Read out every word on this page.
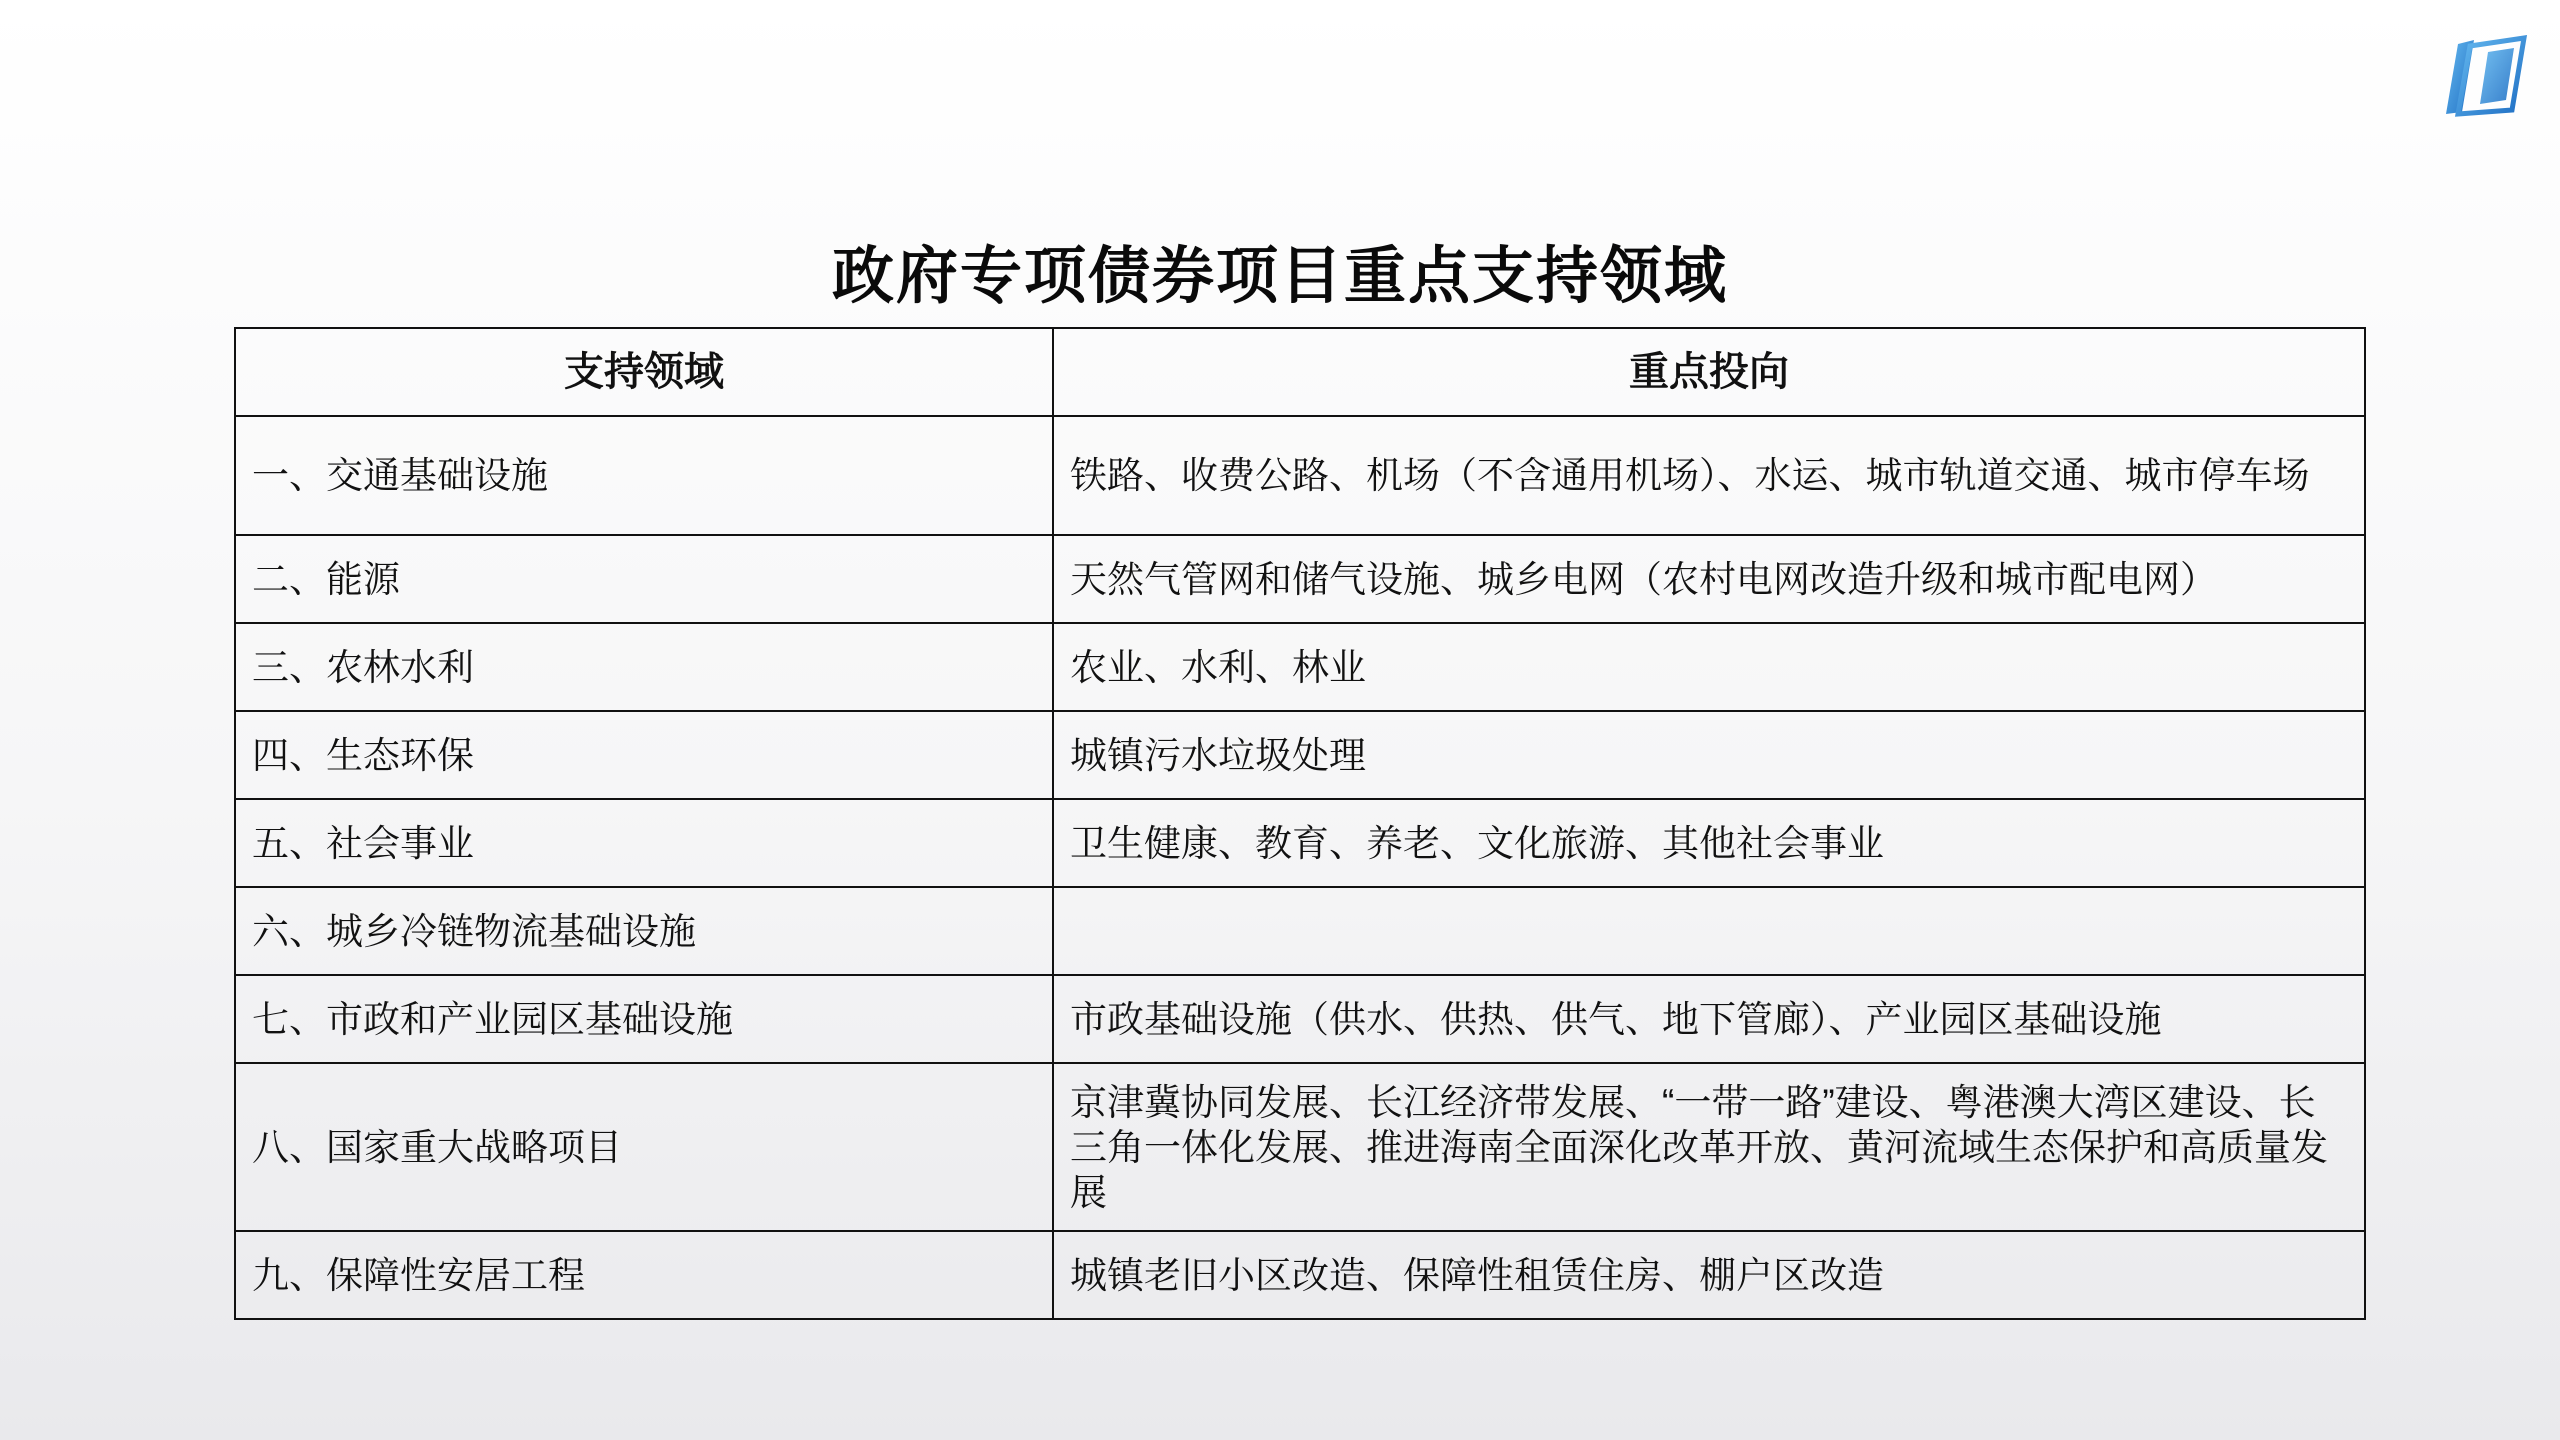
政府专项债券项目重点支持领域
支持领域	重点投向
一、交通基础设施	铁路、收费公路、机场（不含通用机场）、水运、城市轨道交通、城市停车场
二、能源	天然气管网和储气设施、城乡电网（农村电网改造升级和城市配电网）
三、农林水利	农业、水利、林业
四、生态环保	城镇污水垃圾处理
五、社会事业	卫生健康、教育、养老、文化旅游、其他社会事业
六、城乡冷链物流基础设施	
七、市政和产业园区基础设施	市政基础设施（供水、供热、供气、地下管廊）、产业园区基础设施
八、国家重大战略项目	京津冀协同发展、长江经济带发展、“一带一路”建设、粤港澳大湾区建设、长三角一体化发展、推进海南全面深化改革开放、黄河流域生态保护和高质量发展
九、保障性安居工程	城镇老旧小区改造、保障性租赁住房、棚户区改造
